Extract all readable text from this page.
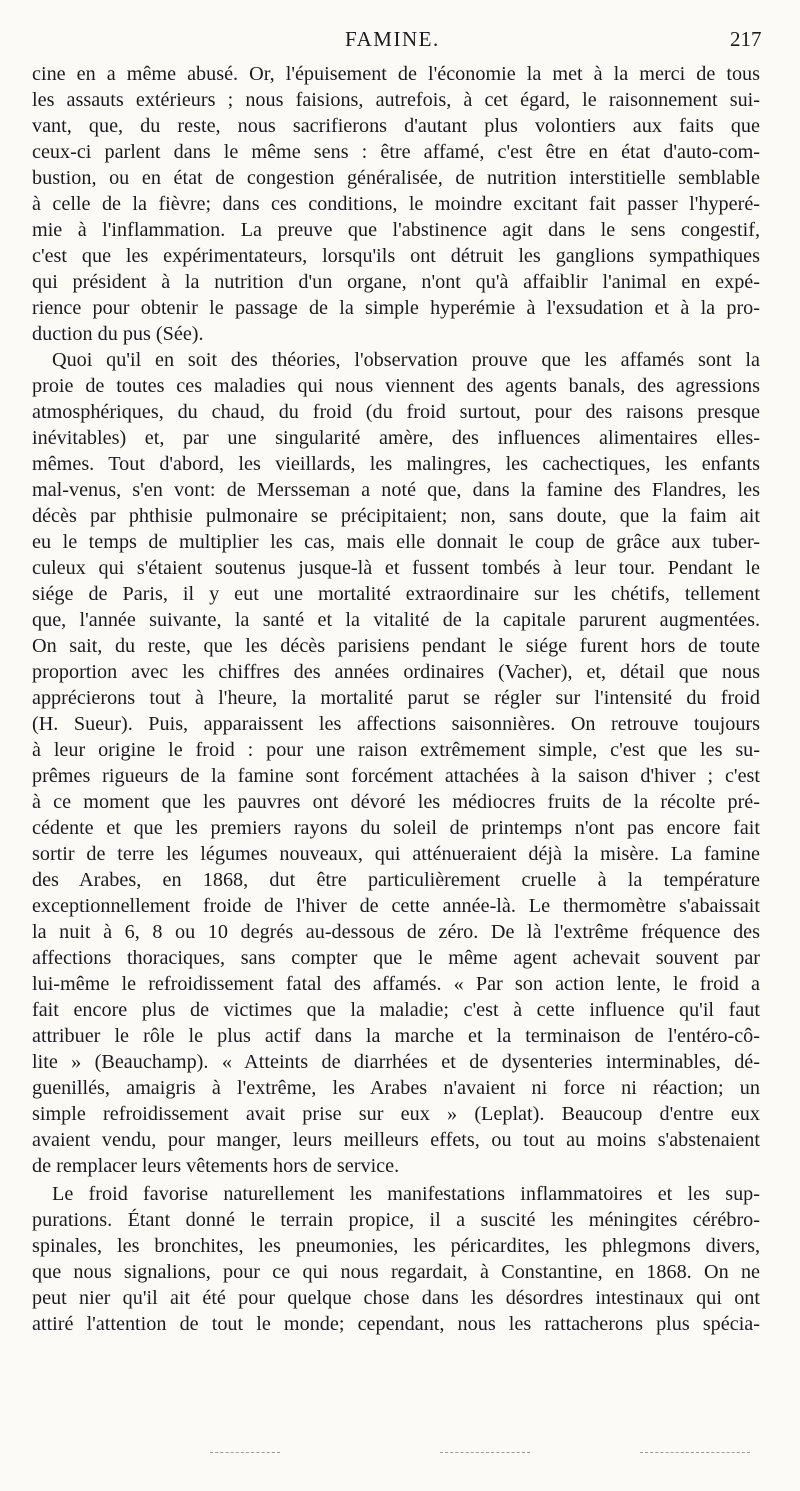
FAMINE.	217
cine en a même abusé. Or, l'épuisement de l'économie la met à la merci de tous
les assauts extérieurs ; nous faisions, autrefois, à cet égard, le raisonnement sui-
vant, que, du reste, nous sacrifierons d'autant plus volontiers aux faits que
ceux-ci parlent dans le même sens : être affamé, c'est être en état d'auto-com-
bustion, ou en état de congestion généralisée, de nutrition interstitielle semblable
à celle de la fièvre; dans ces conditions, le moindre excitant fait passer l'hyperé-
mie à l'inflammation. La preuve que l'abstinence agit dans le sens congestif,
c'est que les expérimentateurs, lorsqu'ils ont détruit les ganglions sympathiques
qui président à la nutrition d'un organe, n'ont qu'à affaiblir l'animal en expé-
rience pour obtenir le passage de la simple hyperémie à l'exsudation et à la pro-
duction du pus (Sée).
Quoi qu'il en soit des théories, l'observation prouve que les affamés sont la
proie de toutes ces maladies qui nous viennent des agents banals, des agressions
atmosphériques, du chaud, du froid (du froid surtout, pour des raisons presque
inévitables) et, par une singularité amère, des influences alimentaires elles-
mêmes. Tout d'abord, les vieillards, les malingres, les cachectiques, les enfants
mal-venus, s'en vont: de Mersseman a noté que, dans la famine des Flandres, les
décès par phthisie pulmonaire se précipitaient; non, sans doute, que la faim ait
eu le temps de multiplier les cas, mais elle donnait le coup de grâce aux tuber-
culeux qui s'étaient soutenus jusque-là et fussent tombés à leur tour. Pendant le
siége de Paris, il y eut une mortalité extraordinaire sur les chétifs, tellement
que, l'année suivante, la santé et la vitalité de la capitale parurent augmentées.
On sait, du reste, que les décès parisiens pendant le siége furent hors de toute
proportion avec les chiffres des années ordinaires (Vacher), et, détail que nous
apprécierons tout à l'heure, la mortalité parut se régler sur l'intensité du froid
(H. Sueur). Puis, apparaissent les affections saisonnières. On retrouve toujours
à leur origine le froid : pour une raison extrêmement simple, c'est que les su-
prêmes rigueurs de la famine sont forcément attachées à la saison d'hiver ; c'est
à ce moment que les pauvres ont dévoré les médiocres fruits de la récolte pré-
cédente et que les premiers rayons du soleil de printemps n'ont pas encore fait
sortir de terre les légumes nouveaux, qui atténueraient déjà la misère. La famine
des Arabes, en 1868, dut être particulièrement cruelle à la température
exceptionnellement froide de l'hiver de cette année-là. Le thermomètre s'abaissait
la nuit à 6, 8 ou 10 degrés au-dessous de zéro. De là l'extrême fréquence des
affections thoraciques, sans compter que le même agent achevait souvent par
lui-même le refroidissement fatal des affamés. « Par son action lente, le froid a
fait encore plus de victimes que la maladie; c'est à cette influence qu'il faut
attribuer le rôle le plus actif dans la marche et la terminaison de l'entéro-cô-
lite » (Beauchamp). « Atteints de diarrhées et de dysenteries interminables, dé-
guenillés, amaigris à l'extrême, les Arabes n'avaient ni force ni réaction; un
simple refroidissement avait prise sur eux » (Leplat). Beaucoup d'entre eux
avaient vendu, pour manger, leurs meilleurs effets, ou tout au moins s'abstenaient
de remplacer leurs vêtements hors de service.
Le froid favorise naturellement les manifestations inflammatoires et les sup-
purations. Étant donné le terrain propice, il a suscité les méningites cérébro-
spinales, les bronchites, les pneumonies, les péricardites, les phlegmons divers,
que nous signalions, pour ce qui nous regardait, à Constantine, en 1868. On ne
peut nier qu'il ait été pour quelque chose dans les désordres intestinaux qui ont
attiré l'attention de tout le monde; cependant, nous les rattacherons plus spécia-
